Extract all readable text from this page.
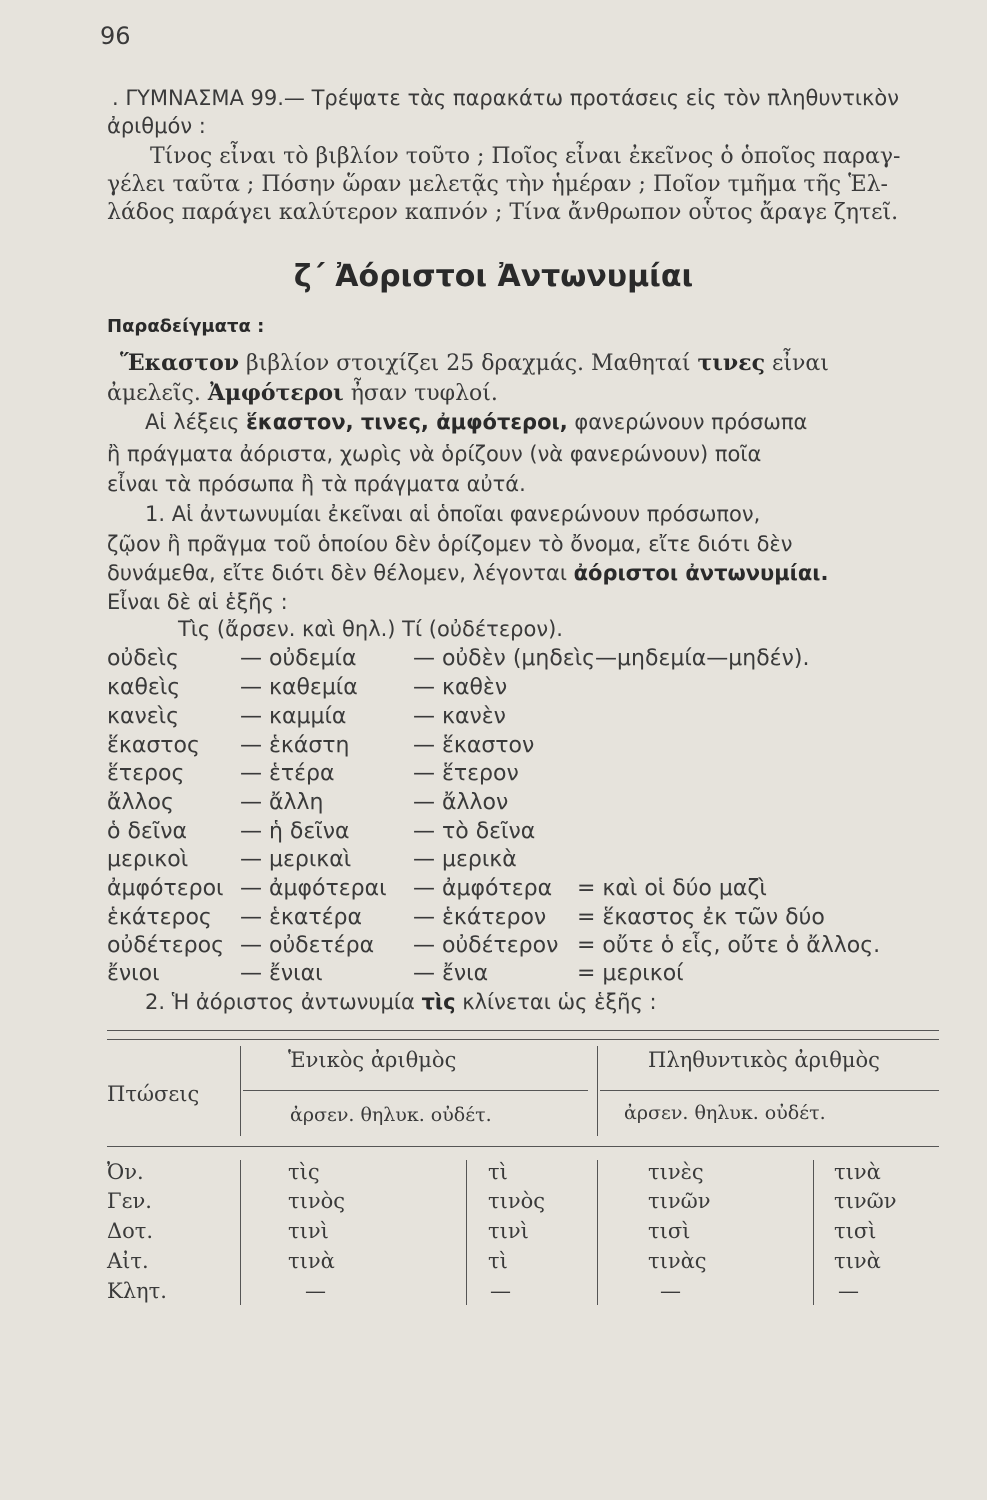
96
. ΓΥΜΝΑΣΜΑ 99.— Τρέψατε τὰς παρακάτω προτάσεις εἰς τὸν πληθυντικὸν
ἀριθμόν :
Τίνος εἶναι τὸ βιβλίον τοῦτο ; Ποῖος εἶναι ἐκεῖνος ὁ ὁποῖος παραγ-
γέλει ταῦτα ; Πόσην ὥραν μελετᾷς τὴν ἡμέραν ; Ποῖον τμῆμα τῆς Ἑλ-
λάδος παράγει καλύτερον καπνόν ; Τίνα ἄνθρωπον οὗτος ἄραγε ζητεῖ.
ζ΄ Ἀόριστοι Ἀντωνυμίαι
Παραδείγματα :
Ἕκαστον βιβλίον στοιχίζει 25 δραχμάς. Μαθηταί τινες εἶναι
ἀμελεῖς. Ἀμφότεροι ἦσαν τυφλοί.
Αἱ λέξεις ἕκαστον, τινες, ἀμφότεροι, φανερώνουν πρόσωπα
ἢ πράγματα ἀόριστα, χωρὶς νὰ ὁρίζουν (νὰ φανερώνουν) ποῖα
εἶναι τὰ πρόσωπα ἢ τὰ πράγματα αὐτά.
1. Αἱ ἀντωνυμίαι ἐκεῖναι αἱ ὁποῖαι φανερώνουν πρόσωπον,
ζῷον ἢ πρᾶγμα τοῦ ὁποίου δὲν ὁρίζομεν τὸ ὄνομα, εἴτε διότι δὲν
δυνάμεθα, εἴτε διότι δὲν θέλομεν, λέγονται ἀόριστοι ἀντωνυμίαι.
Εἶναι δὲ αἱ ἑξῆς :
Τὶς (ἄρσεν. καὶ θηλ.) Τί (οὐδέτερον).
οὐδεὶς	— οὐδεμία	— οὐδὲν (μηδεὶς—μηδεμία—μηδέν).
καθεὶς	— καθεμία	— καθὲν
κανεὶς	— καμμία	— κανὲν
ἕκαστος — ἑκάστη	— ἕκαστον
ἕτερος	— ἑτέρα	— ἕτερον
ἄλλος	— ἄλλη	— ἄλλον
ὁ δεῖνα — ἡ δεῖνα	— τὸ δεῖνα
μερικοὶ — μερικαὶ	— μερικὰ
ἀμφότεροι — ἀμφότεραι — ἀμφότερα = καὶ οἱ δύο μαζὶ
ἑκάτερος — ἑκατέρα — ἑκάτερον = ἕκαστος ἐκ τῶν δύο
οὐδέτερος — οὐδετέρα — οὐδέτερον = οὔτε ὁ εἷς, οὔτε ὁ ἄλλος.
ἔνιοι	— ἔνιαι	— ἔνια	= μερικοί
2. Ἡ ἀόριστος ἀντωνυμία τὶς κλίνεται ὡς ἑξῆς :
Πτώσεις
Ἑνικὸς ἀριθμὸς	Πληθυντικὸς ἀριθμὸς
ἀρσεν. θηλυκ. οὐδέτ.	ἀρσεν. θηλυκ. οὐδέτ.
Ὀν.	τὶς	τὶ	τινὲς	τινὰ
Γεν.	τινὸς	τινὸς	τινῶν	τινῶν
Δοτ.	τινὶ	τινὶ	τισὶ	τισὶ
Αἰτ.	τινὰ	τὶ	τινὰς	τινὰ
Κλητ.	—	—	—	—
